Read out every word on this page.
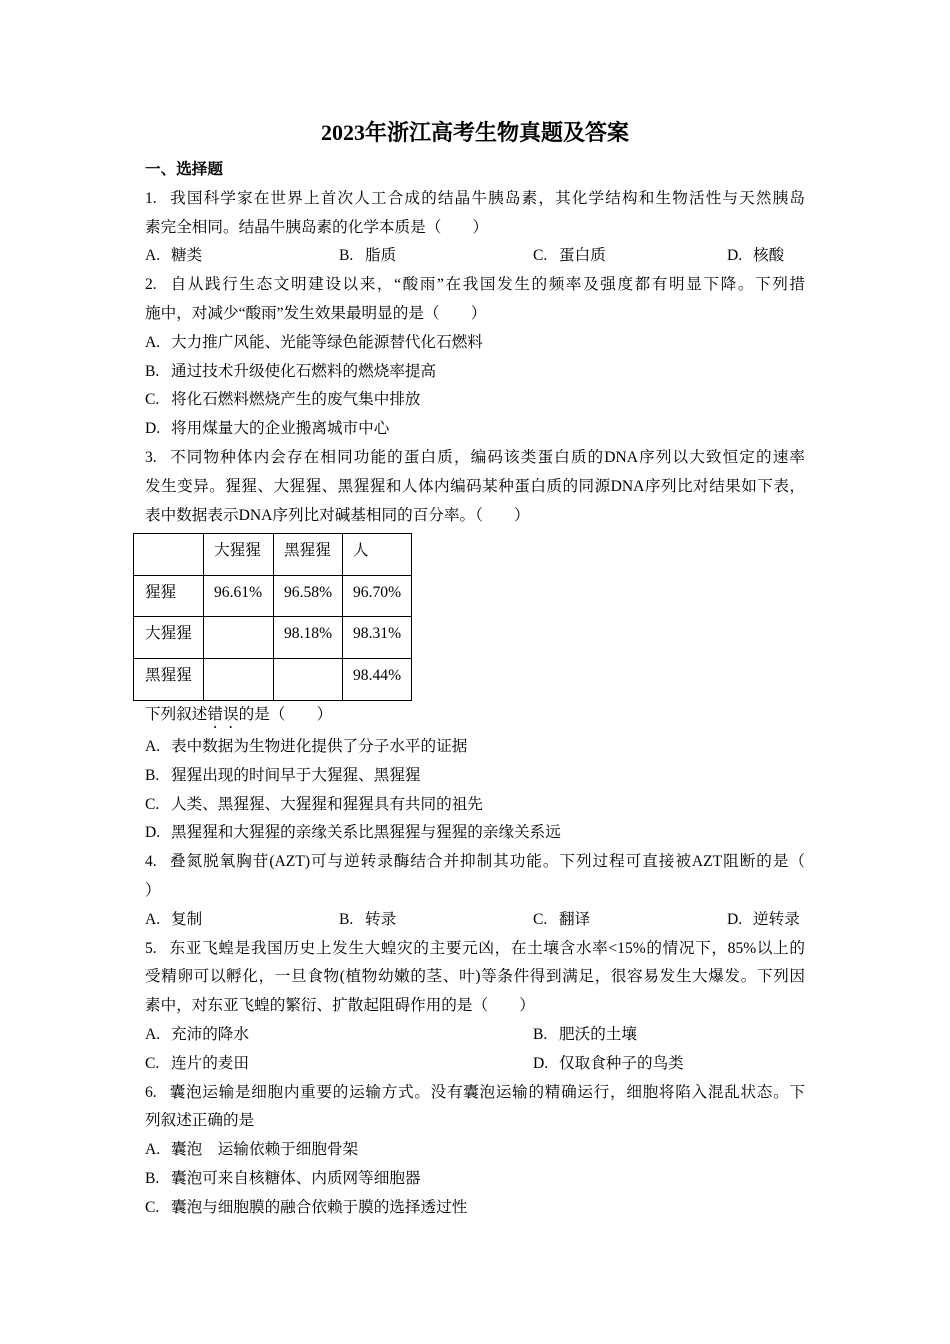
2023年浙江高考生物真题及答案
一、选择题
1. 我国科学家在世界上首次人工合成的结晶牛胰岛素，其化学结构和生物活性与天然胰岛
素完全相同。结晶牛胰岛素的化学本质是（　　）
A. 糖类	B. 脂质	C. 蛋白质	D. 核酸
2. 自从践行生态文明建设以来，“酸雨”在我国发生的频率及强度都有明显下降。下列措
施中，对减少“酸雨”发生效果最明显的是（　　）
A. 大力推广风能、光能等绿色能源替代化石燃料
B. 通过技术升级使化石燃料的燃烧率提高
C. 将化石燃料燃烧产生的废气集中排放
D. 将用煤量大的企业搬离城市中心
3. 不同物种体内会存在相同功能的蛋白质，编码该类蛋白质的DNA序列以大致恒定的速率
发生变异。猩猩、大猩猩、黑猩猩和人体内编码某种蛋白质的同源DNA序列比对结果如下表，
表中数据表示DNA序列比对碱基相同的百分率。（　　）
	大猩猩	黑猩猩	人
猩猩	96.61%	96.58%	96.70%
大猩猩		98.18%	98.31%
黑猩猩			98.44%
下列叙述错误的是（　　）
A. 表中数据为生物进化提供了分子水平的证据
B. 猩猩出现的时间早于大猩猩、黑猩猩
C. 人类、黑猩猩、大猩猩和猩猩具有共同的祖先
D. 黑猩猩和大猩猩的亲缘关系比黑猩猩与猩猩的亲缘关系远
4. 叠氮脱氧胸苷(AZT)可与逆转录酶结合并抑制其功能。下列过程可直接被AZT阻断的是（
）
A. 复制	B. 转录	C. 翻译	D. 逆转录
5. 东亚飞蝗是我国历史上发生大蝗灾的主要元凶，在土壤含水率<15%的情况下，85%以上的
受精卵可以孵化，一旦食物(植物幼嫩的茎、叶)等条件得到满足，很容易发生大爆发。下列因
素中，对东亚飞蝗的繁衍、扩散起阻碍作用的是（　　）
A. 充沛的降水	B. 肥沃的土壤
C. 连片的麦田	D. 仅取食种子的鸟类
6. 囊泡运输是细胞内重要的运输方式。没有囊泡运输的精确运行，细胞将陷入混乱状态。下
列叙述正确的是
A. 囊泡　运输依赖于细胞骨架
B. 囊泡可来自核糖体、内质网等细胞器
C. 囊泡与细胞膜的融合依赖于膜的选择透过性
